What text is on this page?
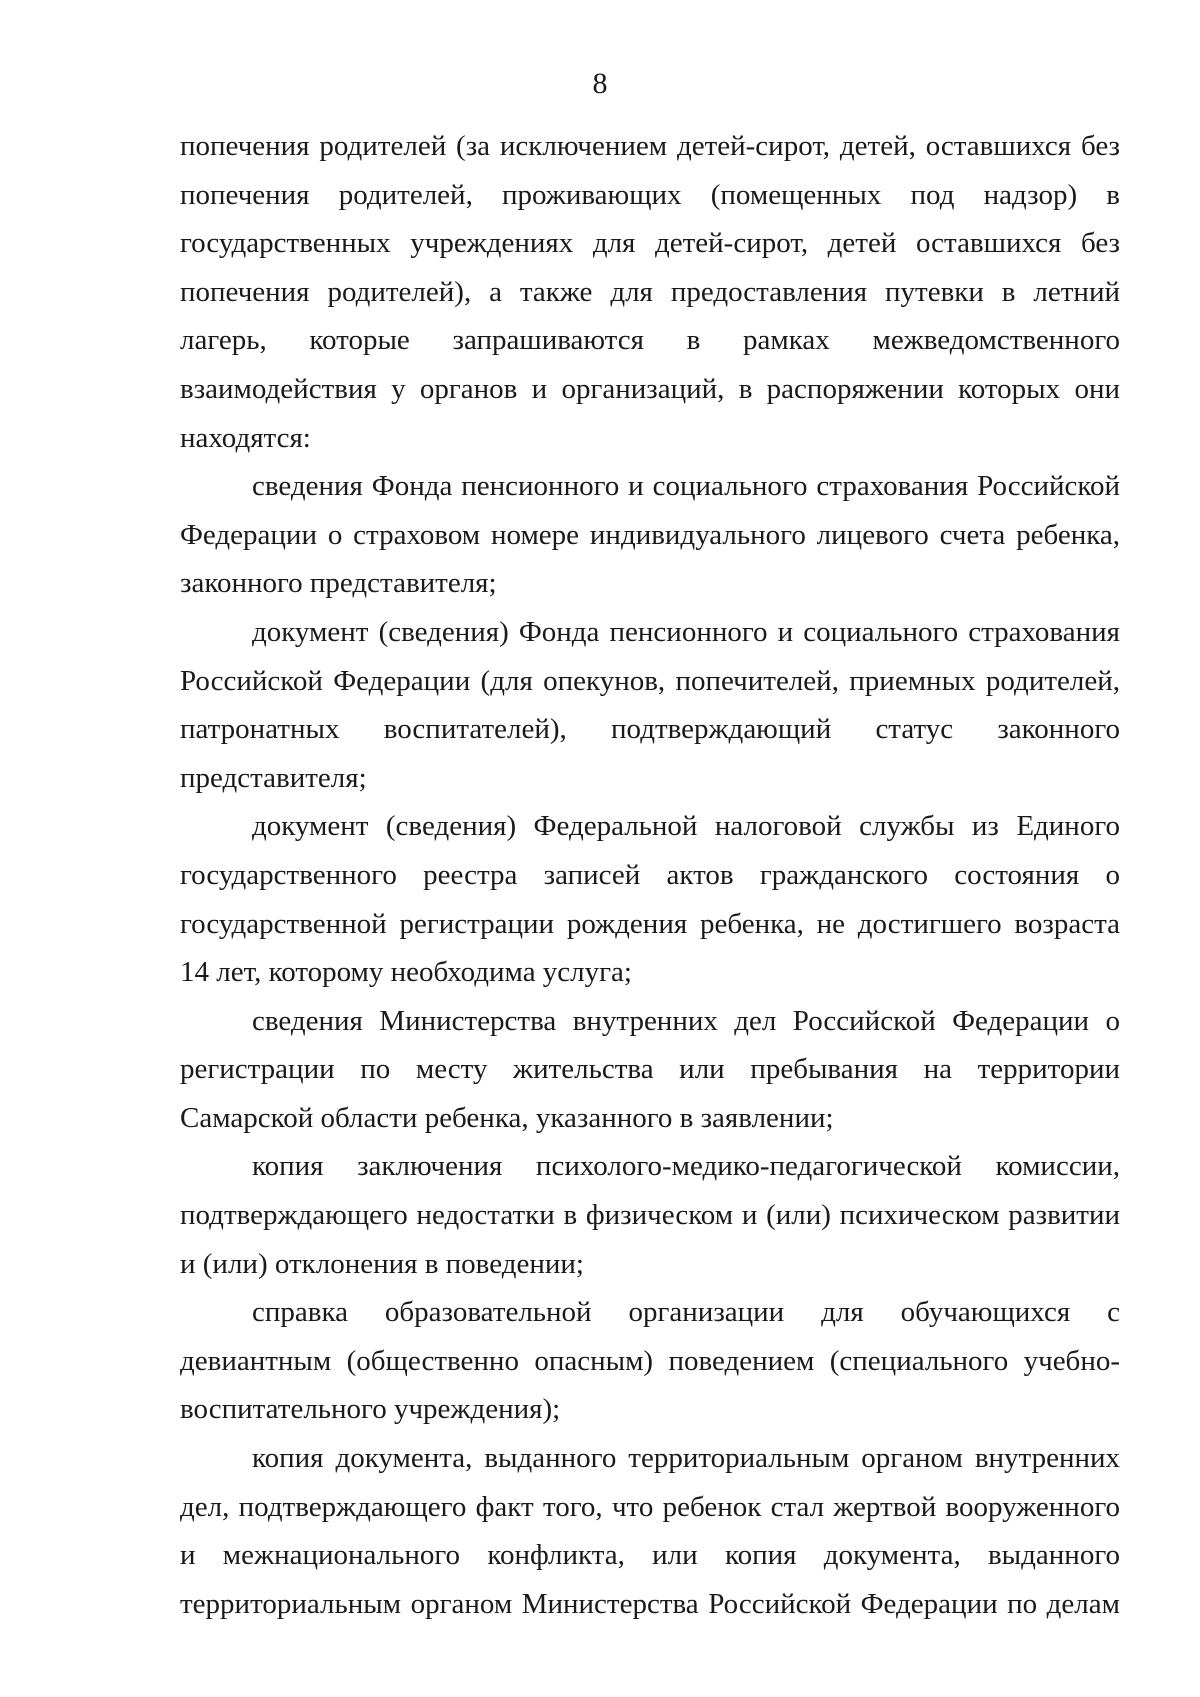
8

попечения родителей (за исключением детей-сирот, детей, оставшихся без попечения родителей, проживающих (помещенных под надзор) в государственных учреждениях для детей-сирот, детей оставшихся без попечения родителей), а также для предоставления путевки в летний лагерь, которые запрашиваются в рамках межведомственного взаимодействия у органов и организаций, в распоряжении которых они находятся:

сведения Фонда пенсионного и социального страхования Российской Федерации о страховом номере индивидуального лицевого счета ребенка, законного представителя;

документ (сведения) Фонда пенсионного и социального страхования Российской Федерации (для опекунов, попечителей, приемных родителей, патронатных воспитателей), подтверждающий статус законного представителя;

документ (сведения) Федеральной налоговой службы из Единого государственного реестра записей актов гражданского состояния о государственной регистрации рождения ребенка, не достигшего возраста 14 лет, которому необходима услуга;

сведения Министерства внутренних дел Российской Федерации о регистрации по месту жительства или пребывания на территории Самарской области ребенка, указанного в заявлении;

копия заключения психолого-медико-педагогической комиссии, подтверждающего недостатки в физическом и (или) психическом развитии и (или) отклонения в поведении;

справка образовательной организации для обучающихся с девиантным (общественно опасным) поведением (специального учебно-воспитательного учреждения);

копия документа, выданного территориальным органом внутренних дел, подтверждающего факт того, что ребенок стал жертвой вооруженного и межнационального конфликта, или копия документа, выданного территориальным органом Министерства Российской Федерации по делам
